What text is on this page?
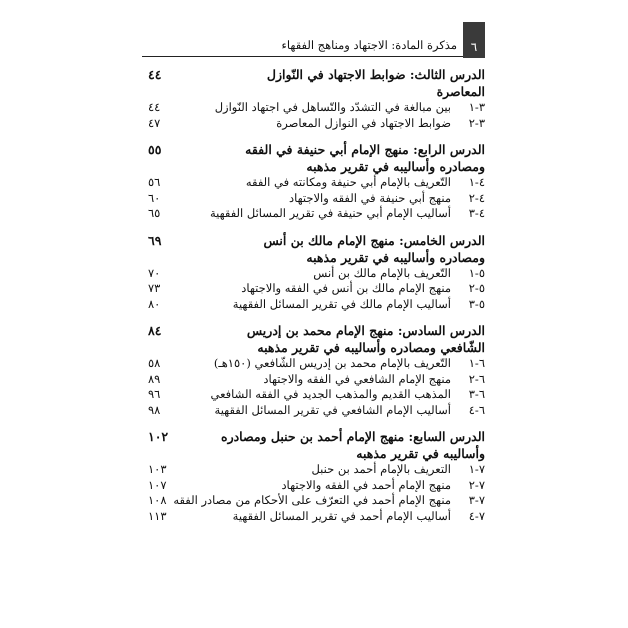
٦
مذكرة المادة: الاجتهاد ومناهج الفقهاء
الدرس الثالث: ضوابط الاجتهاد في النّوازل المعاصرة
٤٤
٣-١
بين مبالغة في التشدّد والتّساهل في اجتهاد النّوازل
٤٤
٣-٢
ضوابط الاجتهاد في النوازل المعاصرة
٤٧
الدرس الرابع: منهج الإمام أبي حنيفة في الفقه ومصادره وأساليبه في تقرير مذهبه
٥٥
٤-١
التّعريف بالإمام أبي حنيفة ومكانته في الفقه
٥٦
٤-٢
منهج أبي حنيفة في الفقه والاجتهاد
٦٠
٤-٣
أساليب الإمام أبي حنيفة في تقرير المسائل الفقهية
٦٥
الدرس الخامس: منهج الإمام مالك بن أنس ومصادره وأساليبه في تقرير مذهبه
٦٩
٥-١
التّعريف بالإمام مالك بن أنس
٧٠
٥-٢
منهج الإمام مالك بن أنس في الفقه والاجتهاد
٧٣
٥-٣
أساليب الإمام مالك في تقرير المسائل الفقهية
٨٠
الدرس السادس: منهج الإمام محمد بن إدريس الشّافعي ومصادره وأساليبه في تقرير مذهبه
٨٤
٦-١
التّعريف بالإمام محمد بن إدريس الشّافعي (١٥٠هـ)
٥٨
٦-٢
منهج الإمام الشافعي في الفقه والاجتهاد
٨٩
٦-٣
المذهب القديم والمذهب الجديد في الفقه الشافعي
٩٦
٦-٤
أساليب الإمام الشافعي في تقرير المسائل الفقهية
٩٨
الدرس السابع: منهج الإمام أحمد بن حنبل ومصادره وأساليبه في تقرير مذهبه
١٠٢
٧-١
التعريف بالإمام أحمد بن حنبل
١٠٣
٧-٢
منهج الإمام أحمد في الفقه والاجتهاد
١٠٧
٧-٣
منهج الإمام أحمد في التعرّف على الأحكام من مصادر الفقه
١٠٨
٧-٤
أساليب الإمام أحمد في تقرير المسائل الفقهية
١١٣
